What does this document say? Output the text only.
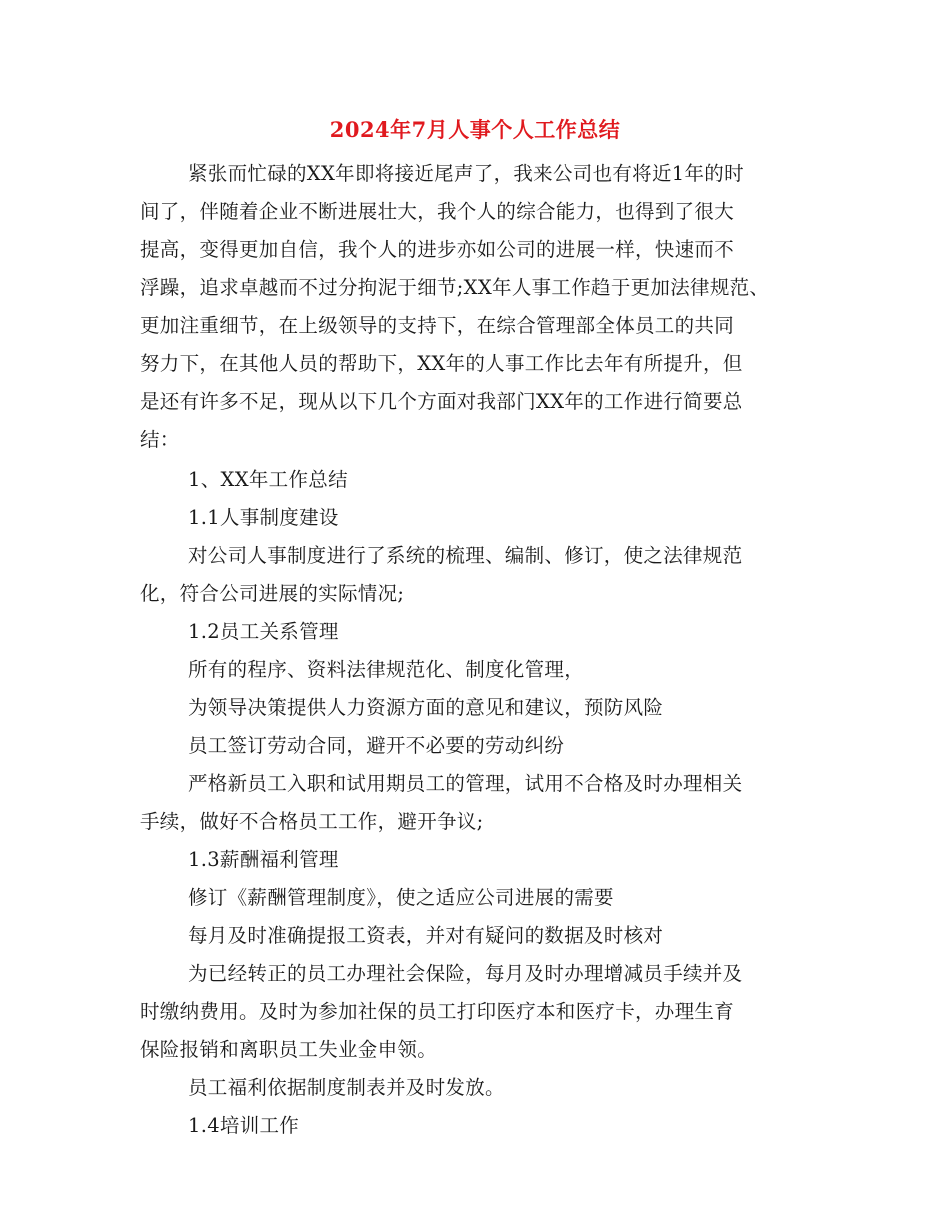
2024年7月人事个人工作总结
紧张而忙碌的XX年即将接近尾声了，我来公司也有将近1年的时
间了，伴随着企业不断进展壮大，我个人的综合能力，也得到了很大
提高，变得更加自信，我个人的进步亦如公司的进展一样，快速而不
浮躁，追求卓越而不过分拘泥于细节;XX年人事工作趋于更加法律规范、
更加注重细节，在上级领导的支持下，在综合管理部全体员工的共同
努力下，在其他人员的帮助下，XX年的人事工作比去年有所提升，但
是还有许多不足，现从以下几个方面对我部门XX年的工作进行简要总
结：
1、XX年工作总结
1.1人事制度建设
对公司人事制度进行了系统的梳理、编制、修订，使之法律规范
化，符合公司进展的实际情况;
1.2员工关系管理
所有的程序、资料法律规范化、制度化管理，
为领导决策提供人力资源方面的意见和建议，预防风险
员工签订劳动合同，避开不必要的劳动纠纷
严格新员工入职和试用期员工的管理，试用不合格及时办理相关
手续，做好不合格员工工作，避开争议;
1.3薪酬福利管理
修订《薪酬管理制度》，使之适应公司进展的需要
每月及时准确提报工资表，并对有疑问的数据及时核对
为已经转正的员工办理社会保险，每月及时办理增减员手续并及
时缴纳费用。及时为参加社保的员工打印医疗本和医疗卡，办理生育
保险报销和离职员工失业金申领。
员工福利依据制度制表并及时发放。
1.4培训工作
